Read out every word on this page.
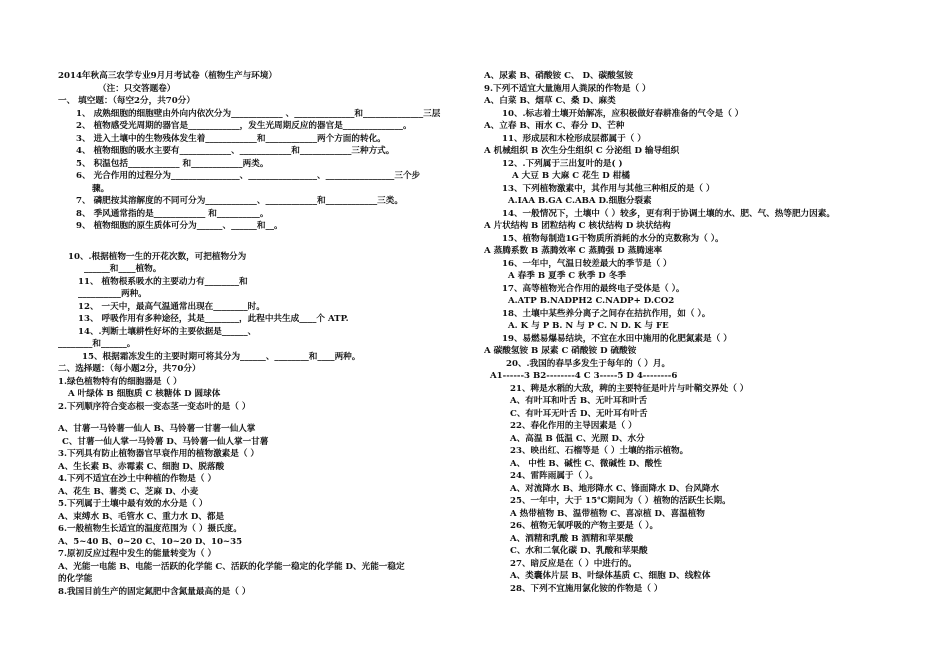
2014年秋高三农学专业9月月考试卷（植物生产与环境）
（注：只交答题卷）
一、 填空题：（每空2分，共70分）
1、 成熟细胞的细胞壁由外向内依次分为____________ 、______________和______________三层
2、 植物感受光周期的器官是____________，发生光周期反应的器官是______________。
3、 进入土壤中的生物残体发生着____________和____________两个方面的转化。
4、 植物细胞的吸水主要有____________、____________和____________三种方式。
5、 积温包括____________ 和____________两类。
6、 光合作用的过程分为________________、________________、________________三个步
骤。
7、 磷肥按其溶解度的不同可分为____________、____________和____________三类。
8、 季风通常指的是____________ 和__________。
9、 植物细胞的原生质体可分为______、______和__。
10、.根据植物一生的开花次数，可把植物分为
______和____植物。
11、 植物根系吸水的主要动力有________和
__________两种。
12、 一天中，最高气温通常出现在________时。
13、 呼吸作用有多种途径，其是________，此程中共生成____个 ATP.
14、.判断土壤耕性好坏的主要依据是______、
________和______。
15、根据霜冻发生的主要时期可将其分为______、________和____两种。
二、选择题：（每小题2分，共70分）
1.绿色植物特有的细胞器是（ ）
A 叶绿体 B 细胞质 C 核糖体 D 圆球体
2.下列顺序符合变态根一变态茎一变态叶的是（ ）
A、甘薯一马铃薯一仙人 B、马铃薯一甘薯一仙人掌
C、甘薯一仙人掌一马铃薯 D、马铃薯一仙人掌一甘薯
3.下列具有防止植物器官早衰作用的植物激素是（ ）
A、生长素 B、赤霉素 C、细胞 D、脱落酸
4.下列不适宜在沙土中种植的作物是（ ）
A、花生 B、薯类 C、芝麻 D、小麦
5.下列属于土壤中最有效的水分是（ ）
A、束缚水 B、毛管水 C、重力水 D、都是
6.一般植物生长适宜的温度范围为（ ）摄氏度。
A、5~40 B、0~20 C、10~20 D、10~35
7.原初反应过程中发生的能量转变为（ ）
A、光能一电能 B、电能一活跃的化学能 C、活跃的化学能一稳定的化学能 D、光能一稳定
的化学能
8.我国目前生产的固定氮肥中含氮量最高的是（ ）
A、尿素 B、硝酸铵 C、 D、碳酸氢铵
9.下列不适宜大量施用人粪尿的作物是（ ）
A、白菜 B、烟草 C、桑 D、麻类
10、.标志着土壤开始解冻，应积极做好春耕准备的气令是（ ）
A、立春 B、雨水 C、春分 D、芒种
11、形成层和木栓形成层都属于（ ）
A 机械组织 B 次生分生组织 C 分泌组 D 输导组织
12、.下列属于三出复叶的是( )
A 大豆 B 大麻 C 花生 D 柑橘
13、下列植物激素中，其作用与其他三种相反的是（ ）
A.IAA B.GA C.ABA D.细胞分裂素
14、一般情况下，土壤中（ ）较多，更有利于协调土壤的水、肥、气、热等肥力因素。
A 片状结构 B 团粒结构 C 核状结构 D 块状结构
15、植物每制造1G干物质所消耗的水分的克数称为（ ）。
A 蒸腾系数 B 蒸腾效率 C 蒸腾强 D 蒸腾速率
16、一年中，气温日较差最大的季节是（ ）
A 春季 B 夏季 C 秋季 D 冬季
17、高等植物光合作用的最终电子受体是（ ）。
A.ATP B.NADPH2 C.NADP+ D.CO2
18、土壤中某些养分离子之间存在拮抗作用，如（ ）。
A. K 与 P B. N 与 P C. N D. K 与 FE
19、易燃易爆易结块，不宜在水田中施用的化肥氮素是（ ）
A 碳酸氢铵 B 尿素 C 硝酸铵 D 硫酸铵
20、.我国的春旱多发生于每年的（ ）月。
A1------3 B2--------4 C 3-----5 D 4--------6
21、稗是水稻的大敌，稗的主要特征是叶片与叶鞘交界处（ ）
A、有叶耳和叶舌 B、无叶耳和叶舌
C、有叶耳无叶舌 D、无叶耳有叶舌
22、春化作用的主导因素是（ ）
A、高温 B 低温 C、光照 D、水分
23、映出红、石榴等是（ ）土壤的指示植物。
A、 中性 B、碱性 C、微碱性 D、酸性
24、雷阵雨属于（ ）。
A、对流降水 B、地形降水 C、锋面降水 D、台风降水
25、一年中，大于 15℃期间为（ ）植物的活跃生长期。
A 热带植物 B、温带植物 C、喜凉植 D、喜温植物
26、植物无氧呼吸的产物主要是（ ）。
A、酒精和乳酸 B 酒精和苹果酸
C、水和二氧化碳 D、乳酸和苹果酸
27、暗反应是在（ ）中进行的。
A、类囊体片层 B、叶绿体基质 C、细胞 D、线粒体
28、下列不宜施用氯化铵的作物是（ ）
